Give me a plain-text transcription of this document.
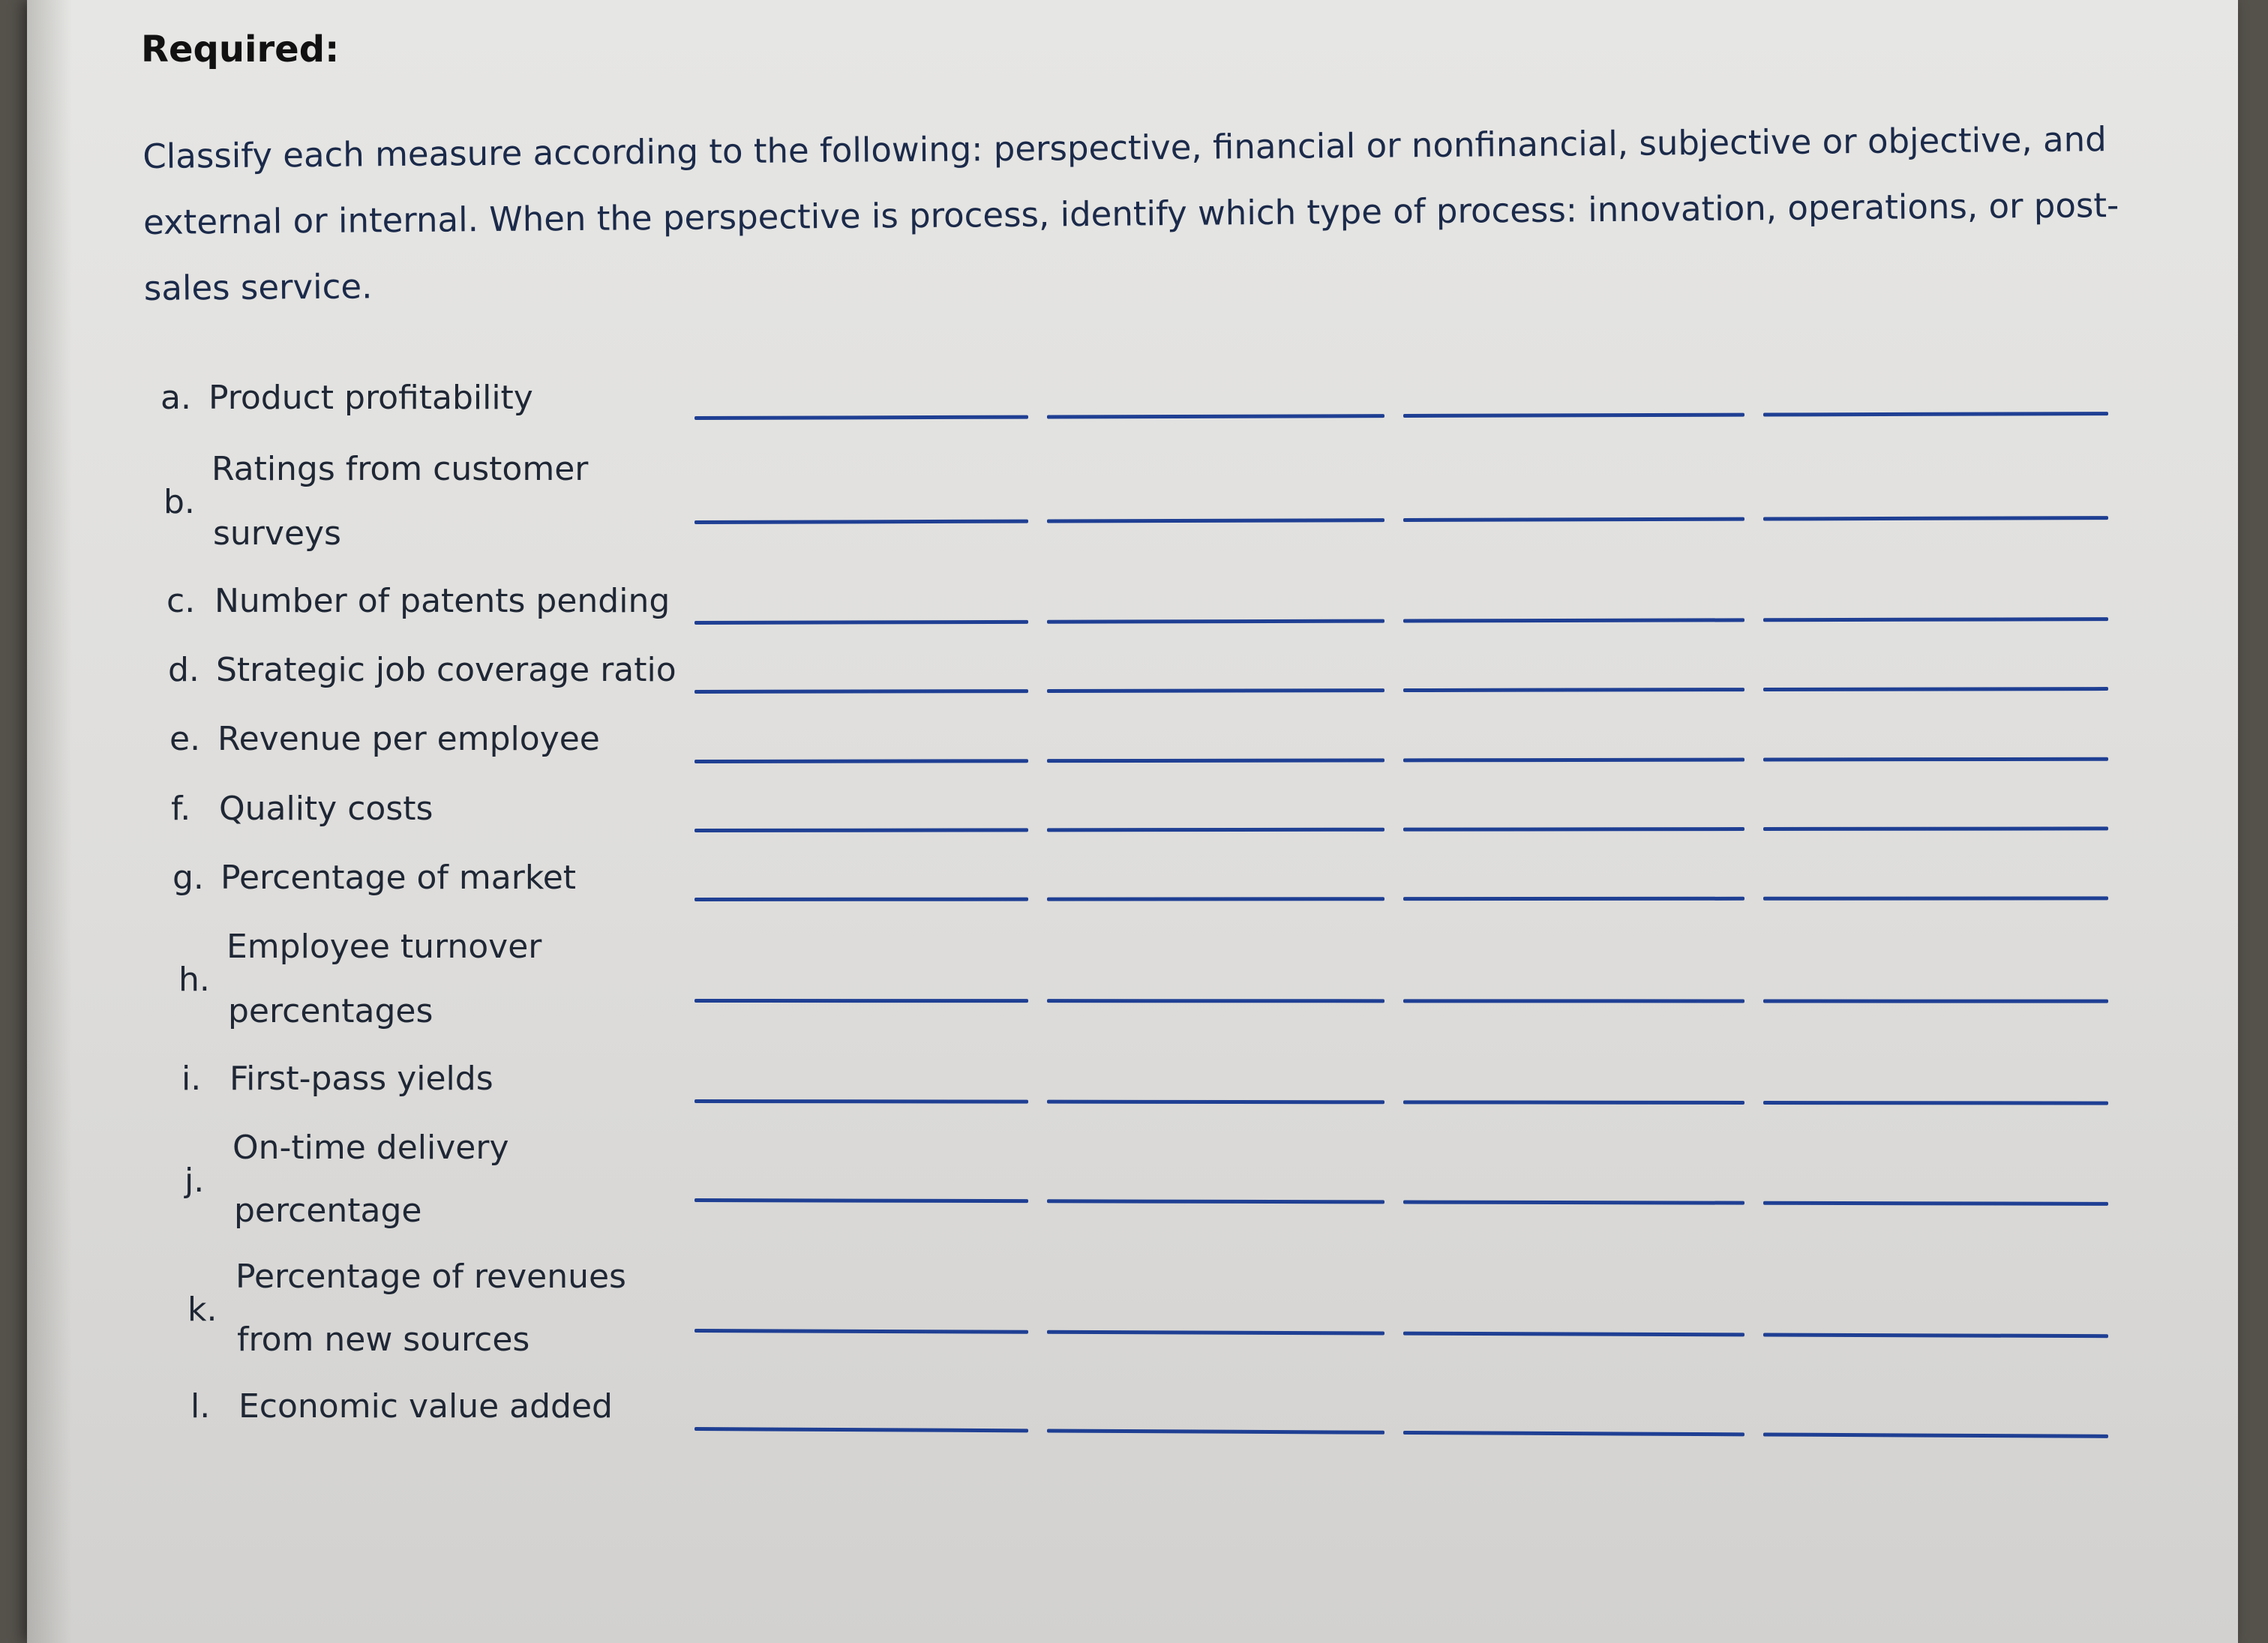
Required:

Classify each measure according to the following: perspective, financial or nonfinancial, subjective or objective, and external or internal. When the perspective is process, identify which type of process: innovation, operations, or post-sales service.

a. Product profitability
b.
Ratings from customer
surveys
c. Number of patents pending
d. Strategic job coverage ratio
e. Revenue per employee
f. Quality costs
g. Percentage of market
h.
Employee turnover
percentages
i. First-pass yields
j.
On-time delivery
percentage
k.
Percentage of revenues
from new sources
l. Economic value added
